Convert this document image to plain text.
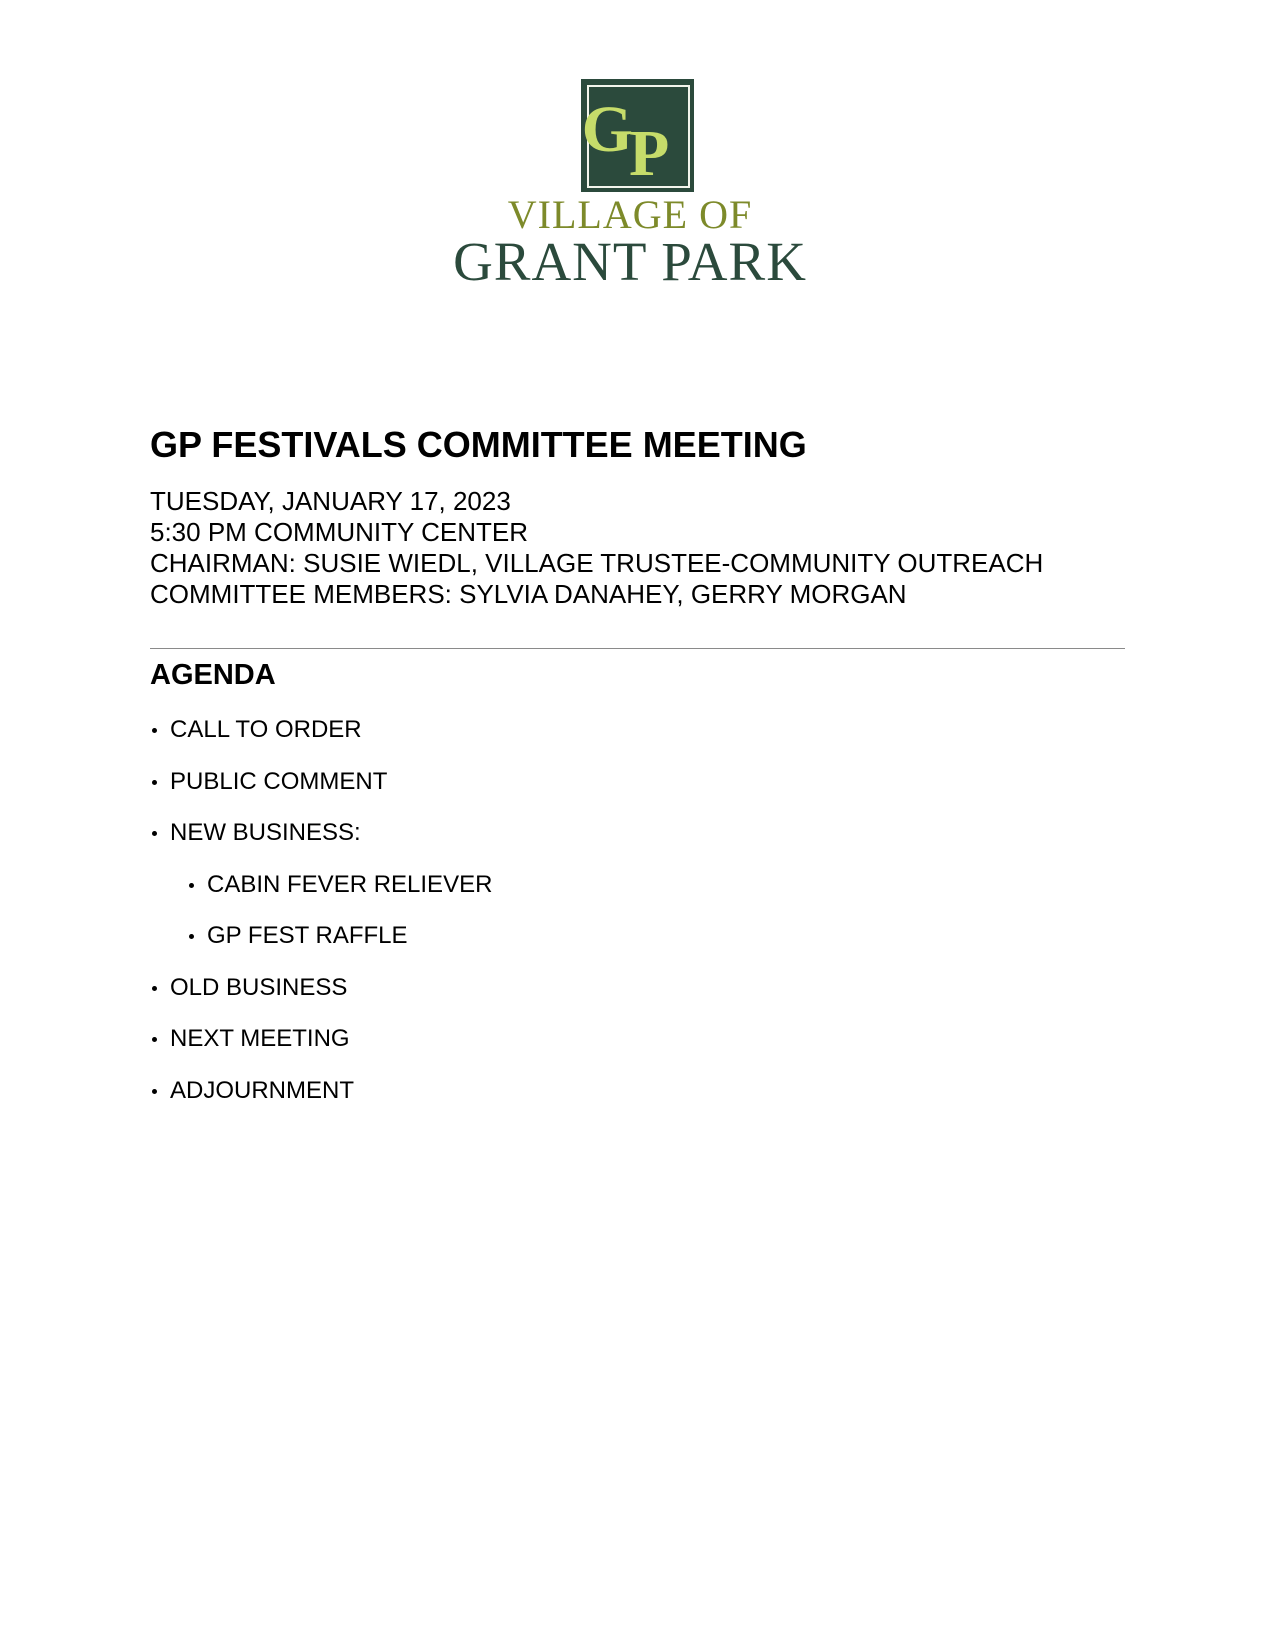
G
P
VILLAGE OF
GRANT PARK
GP FESTIVALS COMMITTEE MEETING
TUESDAY, JANUARY 17, 2023
5:30 PM COMMUNITY CENTER
CHAIRMAN: SUSIE WIEDL, VILLAGE TRUSTEE-COMMUNITY OUTREACH
COMMITTEE MEMBERS: SYLVIA DANAHEY, GERRY MORGAN
AGENDA
CALL TO ORDER
PUBLIC COMMENT
NEW BUSINESS:
CABIN FEVER RELIEVER
GP FEST RAFFLE
OLD BUSINESS
NEXT MEETING
ADJOURNMENT
